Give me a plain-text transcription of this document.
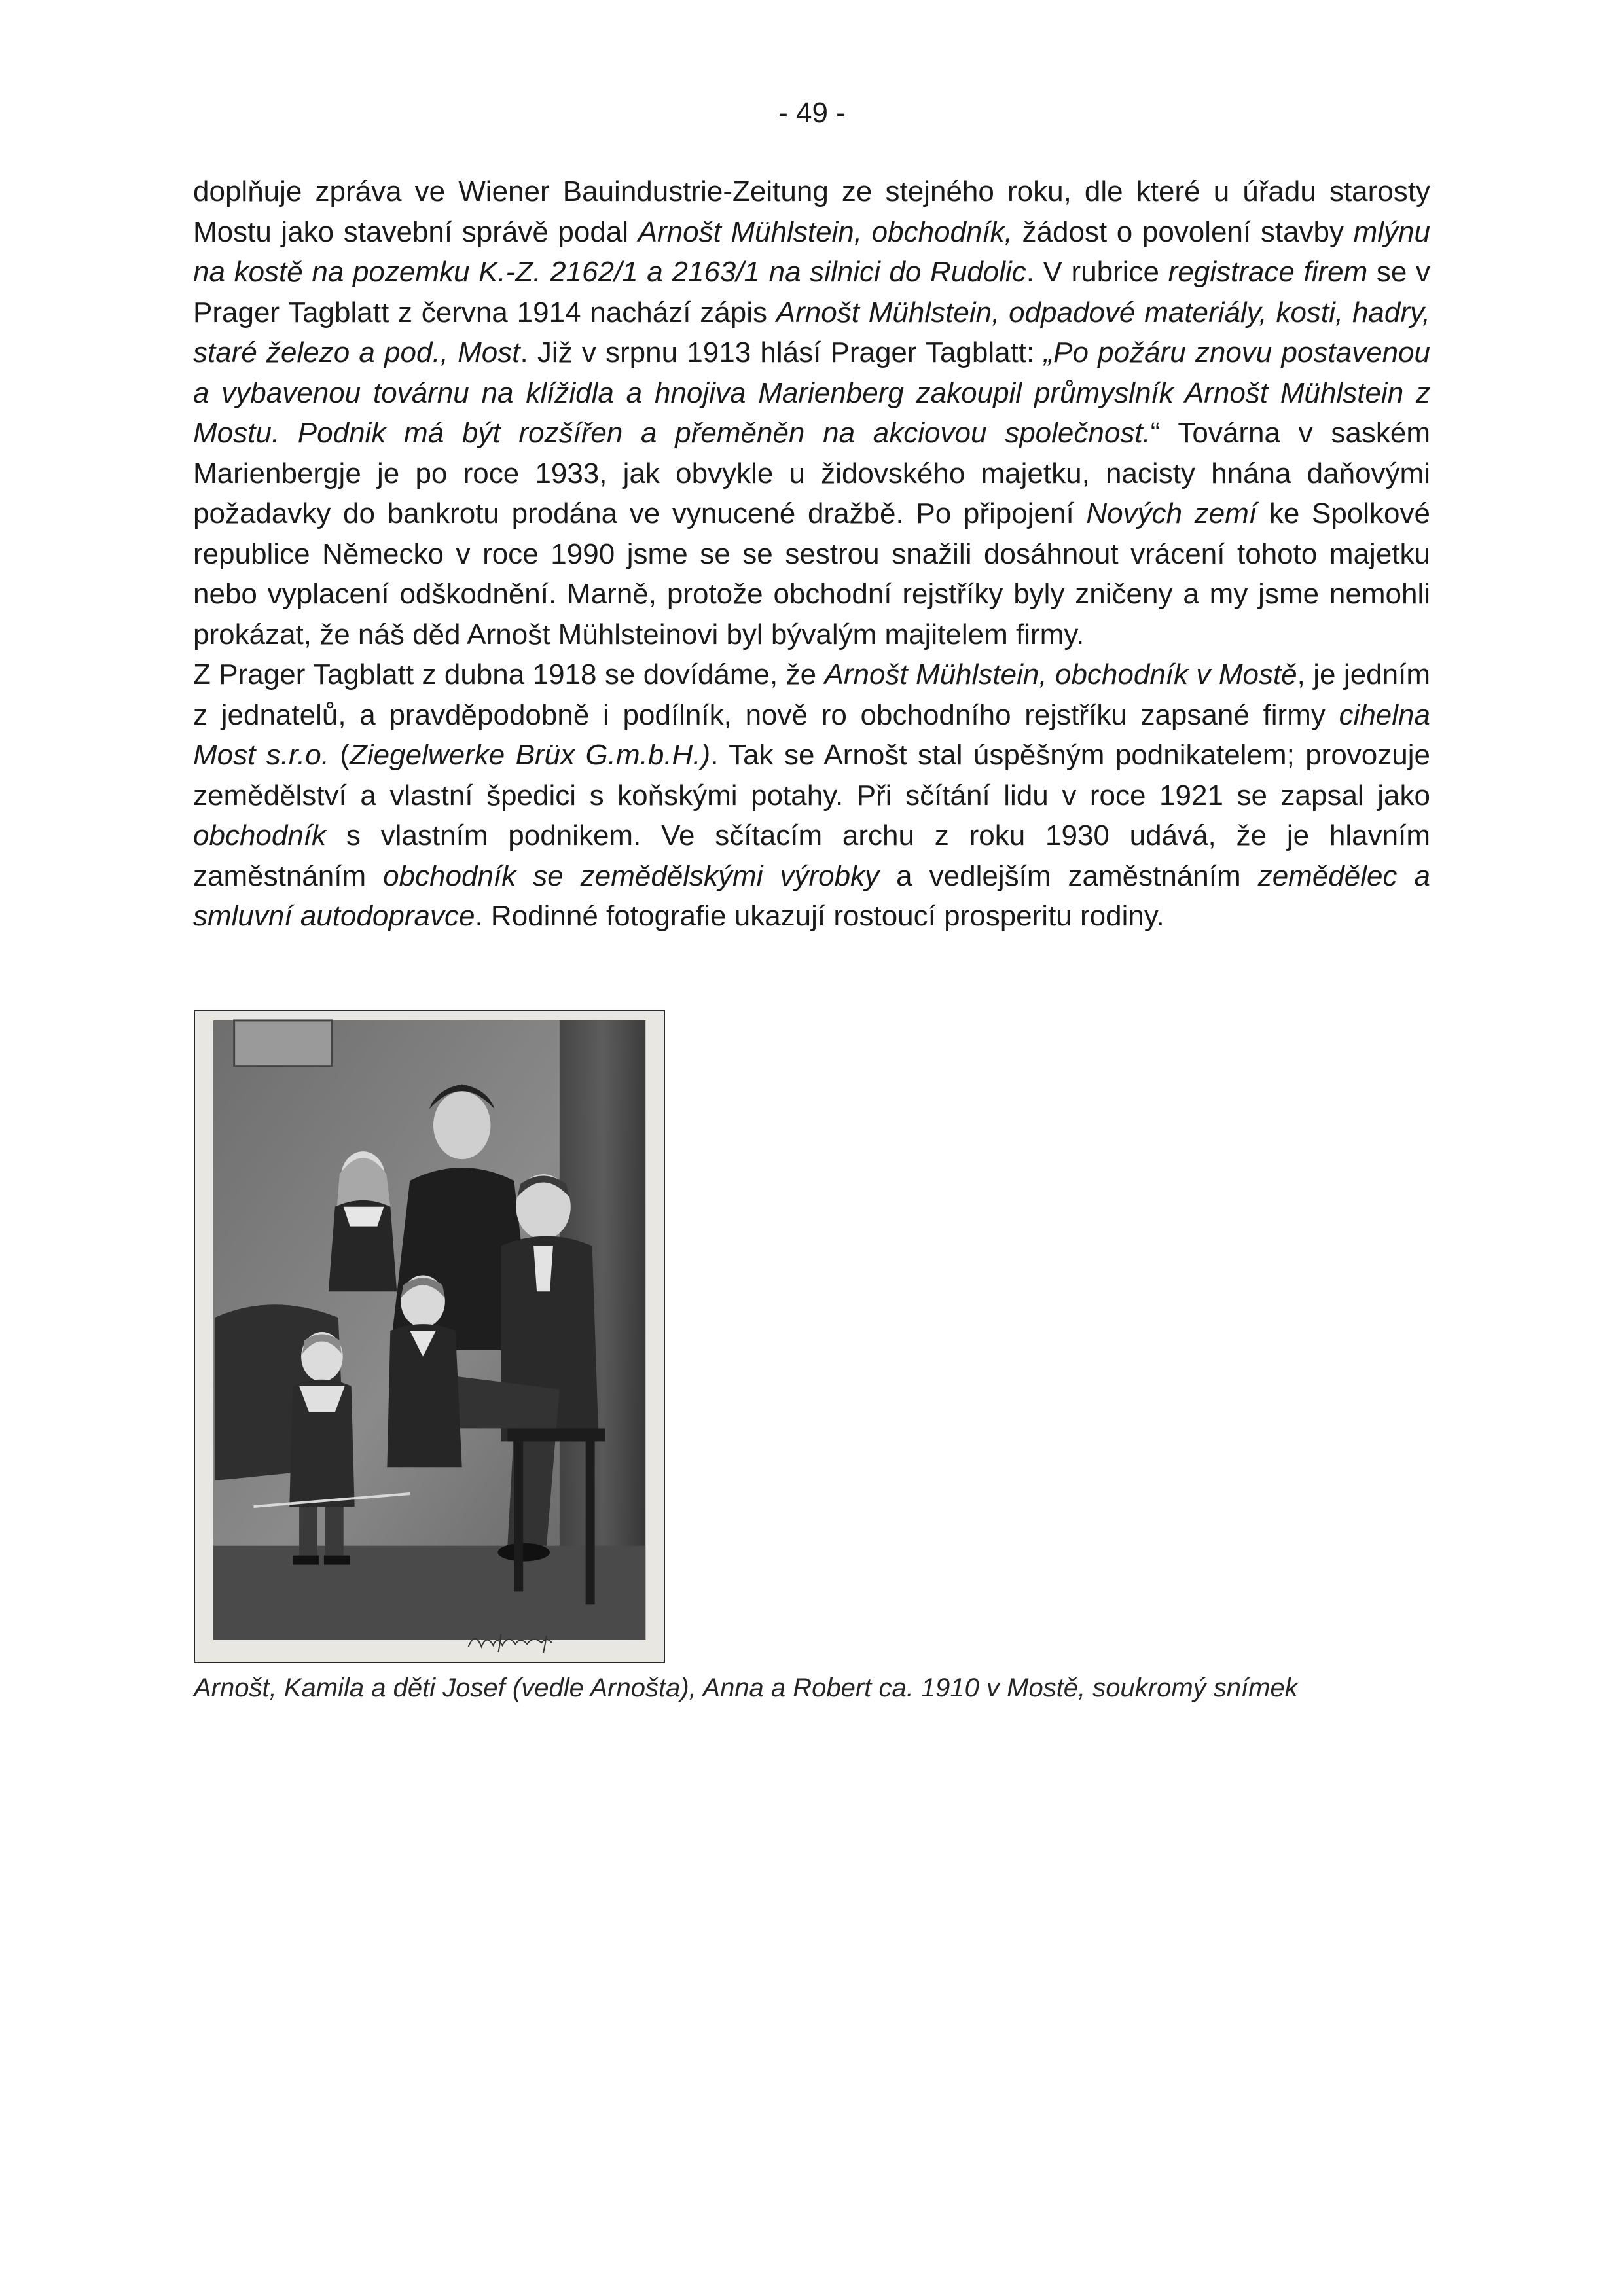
- 49 -

doplňuje zpráva ve Wiener Bauindustrie-Zeitung ze stejného roku, dle které u úřadu starosty Mostu jako stavební správě podal Arnošt Mühlstein, obchodník, žádost o povolení stavby mlýnu na kostě na pozemku K.-Z. 2162/1 a 2163/1 na silnici do Rudolic. V rubrice registrace firem se v Prager Tagblatt z června 1914 nachází zápis Arnošt Mühlstein, odpadové materiály, kosti, hadry, staré železo a pod., Most. Již v srpnu 1913 hlásí Prager Tagblatt: „Po požáru znovu postavenou a vybavenou továrnu na klížidla a hnojiva Marienberg zakoupil průmyslník Arnošt Mühlstein z Mostu. Podnik má být rozšířen a přeměněn na akciovou společnost.“ Továrna v saském Marienbergje je po roce 1933, jak obvykle u židovského majetku, nacisty hnána daňovými požadavky do bankrotu prodána ve vynucené dražbě. Po připojení Nových zemí ke Spolkové republice Německo v roce 1990 jsme se se sestrou snažili dosáhnout vrácení tohoto majetku nebo vyplacení odškodnění. Marně, protože obchodní rejstříky byly zničeny a my jsme nemohli prokázat, že náš děd Arnošt Mühlsteinovi byl bývalým majitelem firmy.

Z Prager Tagblatt z dubna 1918 se dovídáme, že Arnošt Mühlstein, obchodník v Mostě, je jedním z jednatelů, a pravděpodobně i podílník, nově ro obchodního rejstříku zapsané firmy cihelna Most s.r.o. (Ziegelwerke Brüx G.m.b.H.). Tak se Arnošt stal úspěšným podnikatelem; provozuje zemědělství a vlastní špedici s koňskými potahy. Při sčítání lidu v roce 1921 se zapsal jako obchodník s vlastním podnikem. Ve sčítacím archu z roku 1930 udává, že je hlavním zaměstnáním obchodník se zemědělskými výrobky a vedlejším zaměstnáním zemědělec a smluvní autodopravce. Rodinné fotografie ukazují rostoucí prosperitu rodiny.

Arnošt, Kamila a děti Josef (vedle Arnošta), Anna a Robert ca. 1910 v Mostě, soukromý snímek
